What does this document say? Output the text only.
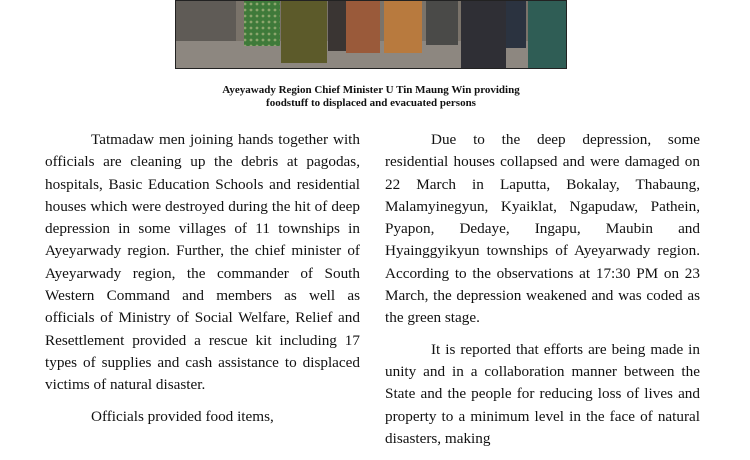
Ayeyawady Region Chief Minister U Tin Maung Win providing
foodstuff to displaced and evacuated persons

Tatmadaw men joining hands together with officials are cleaning up the debris at pagodas, hospitals, Basic Education Schools and residential houses which were destroyed during the hit of deep depression in some villages of 11 townships in Ayeyarwady region. Further, the chief minister of Ayeyarwady region, the commander of South Western Command and members as well as officials of Ministry of Social Welfare, Relief and Resettlement provided a rescue kit including 17 types of supplies and cash assistance to displaced victims of natural disaster.

Officials provided food items,

Due to the deep depression, some residential houses collapsed and were damaged on 22 March in Laputta, Bokalay, Thabaung, Malamyinegyun, Kyaiklat, Ngapudaw, Pathein, Pyapon, Dedaye, Ingapu, Maubin and Hyainggyikyun townships of Ayeyarwady region. According to the observations at 17:30 PM on 23 March, the depression weakened and was coded as the green stage.

It is reported that efforts are being made in unity and in a collaboration manner between the State and the people for reducing loss of lives and property to a minimum level in the face of natural disasters, making
